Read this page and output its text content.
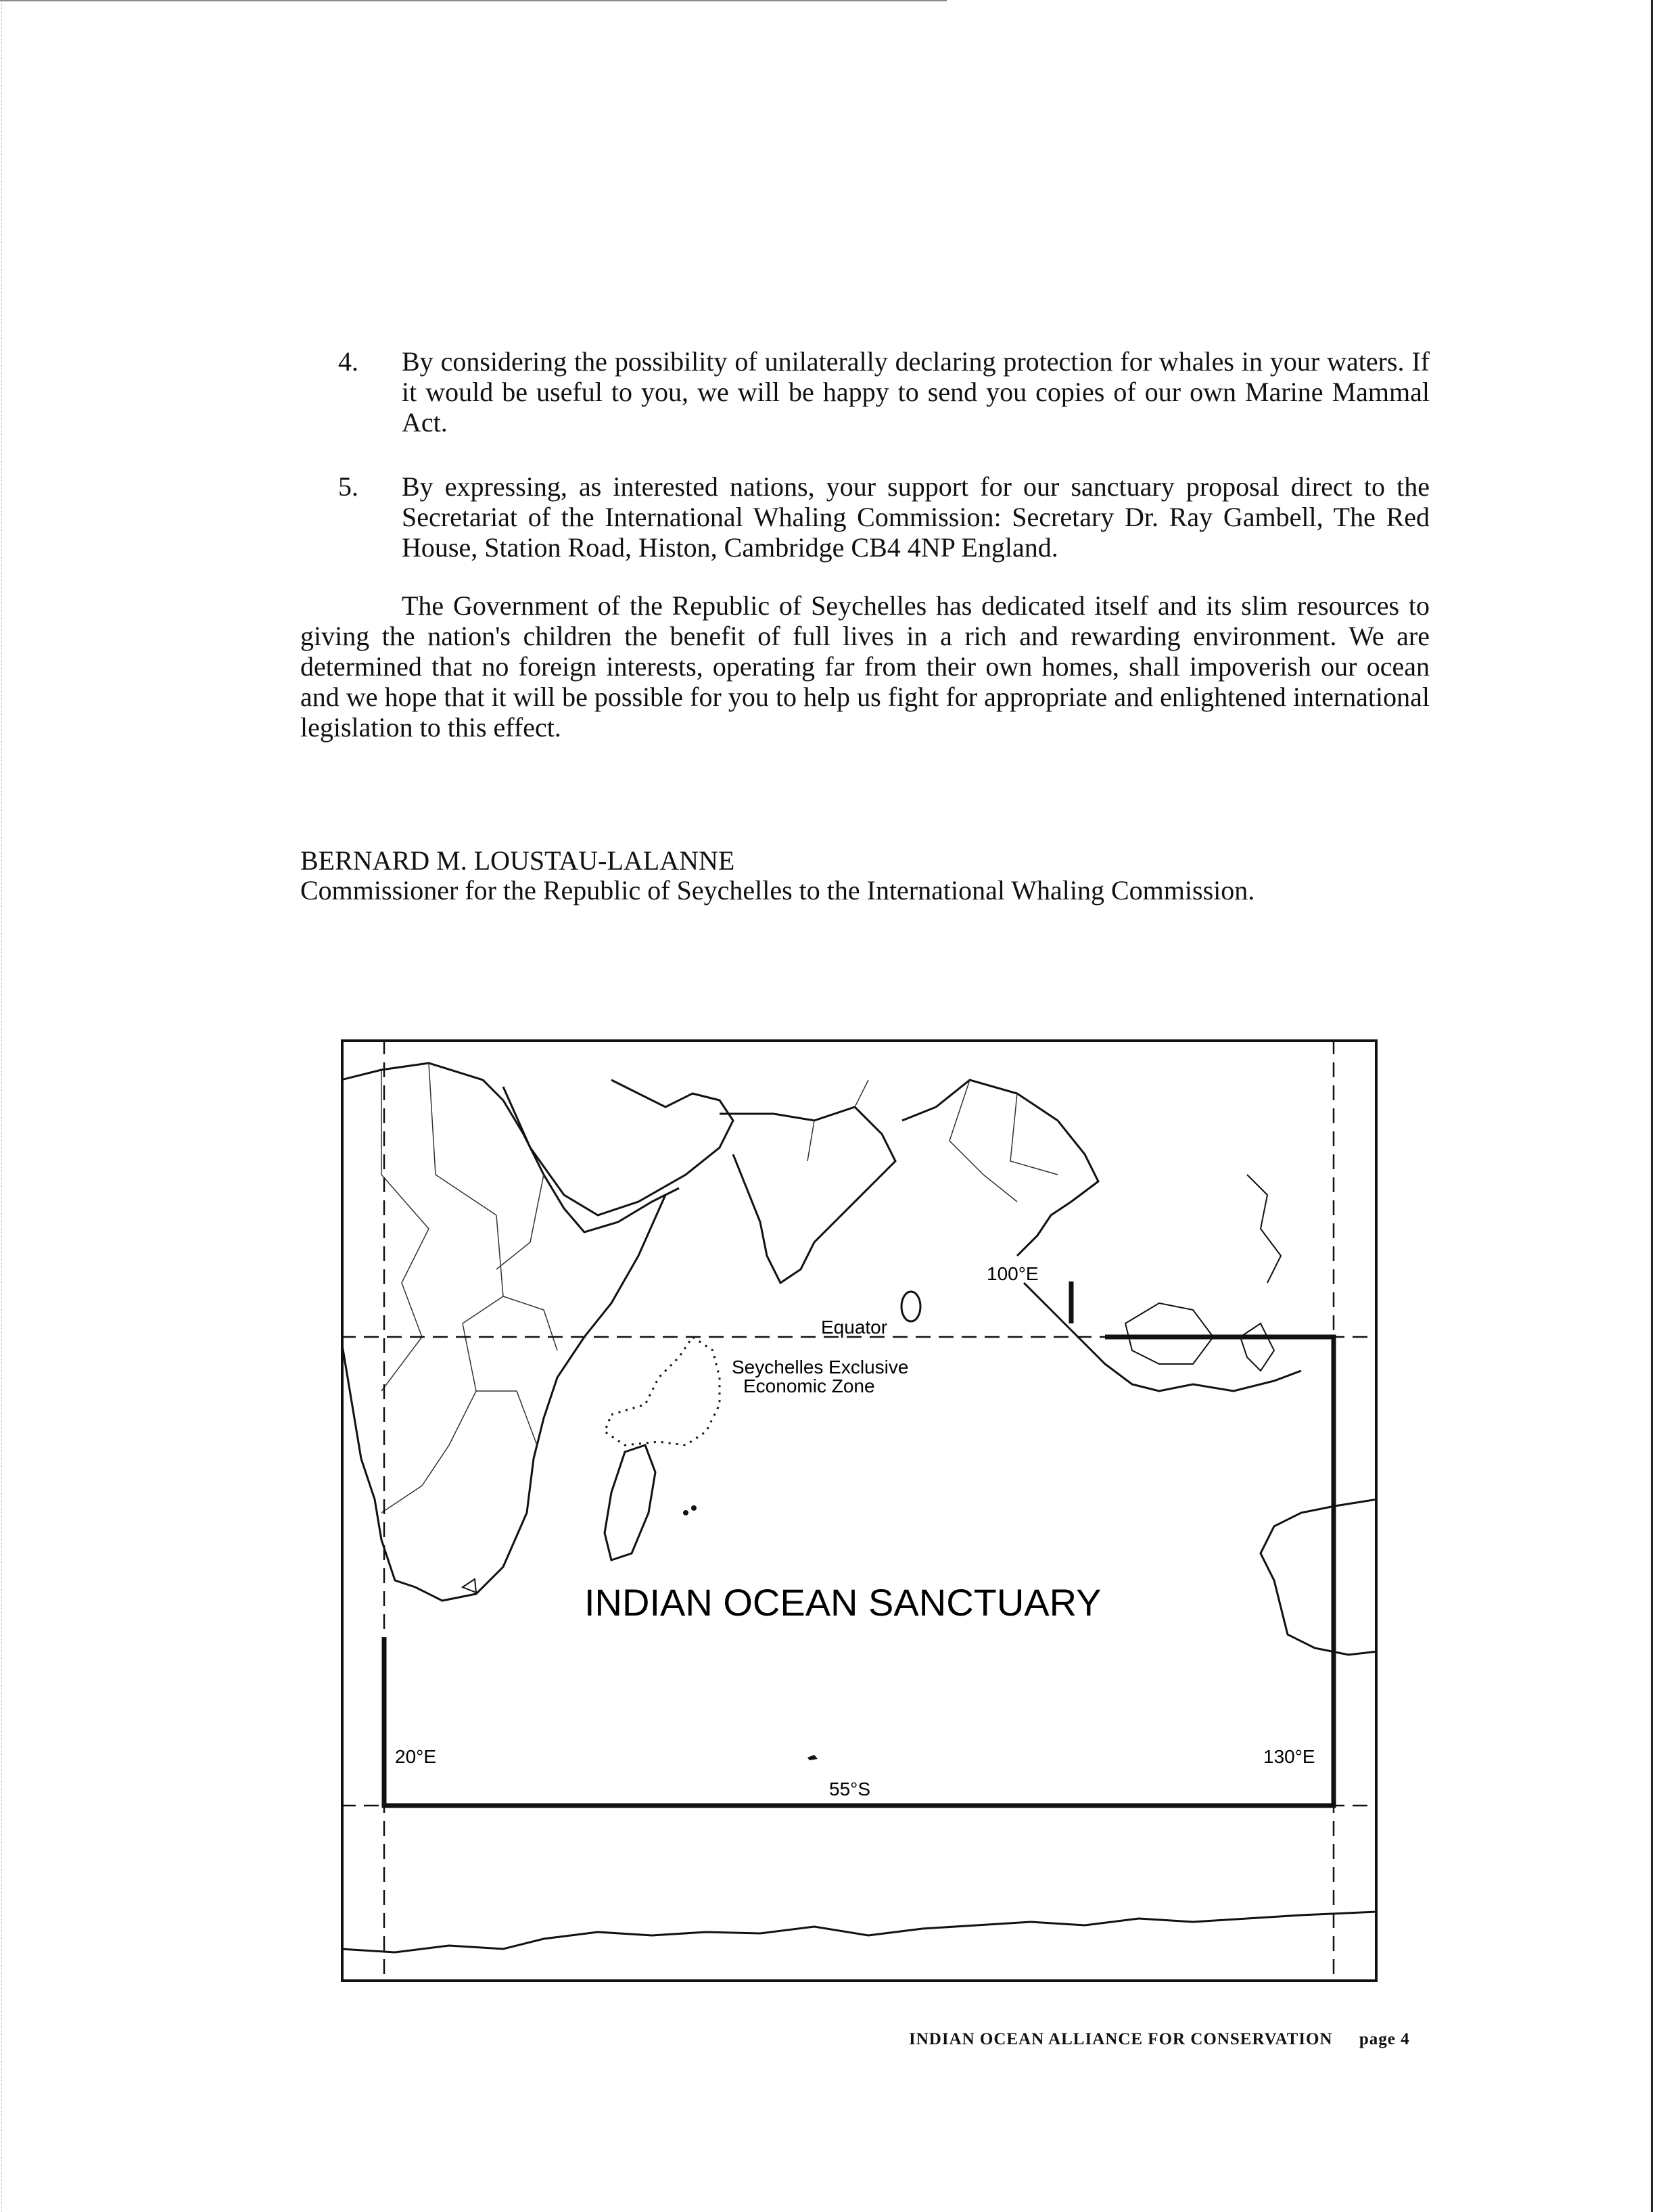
4. By considering the possibility of unilaterally declaring protection for whales in your waters. If it would be useful to you, we will be happy to send you copies of our own Marine Mammal Act.
5. By expressing, as interested nations, your support for our sanctuary proposal direct to the Secretariat of the International Whaling Commission: Secretary Dr. Ray Gambell, The Red House, Station Road, Histon, Cambridge CB4 4NP England.

The Government of the Republic of Seychelles has dedicated itself and its slim resources to giving the nation's children the benefit of full lives in a rich and rewarding environment. We are determined that no foreign interests, operating far from their own homes, shall impoverish our ocean and we hope that it will be possible for you to help us fight for appropriate and enlightened international legislation to this effect.

BERNARD M. LOUSTAU-LALANNE
Commissioner for the Republic of Seychelles to the International Whaling Commission.
Equator
Seychelles Exclusive
Economic Zone
100°E
INDIAN OCEAN SANCTUARY
20°E	130°E
55°S
INDIAN OCEAN ALLIANCE FOR CONSERVATION page 4
